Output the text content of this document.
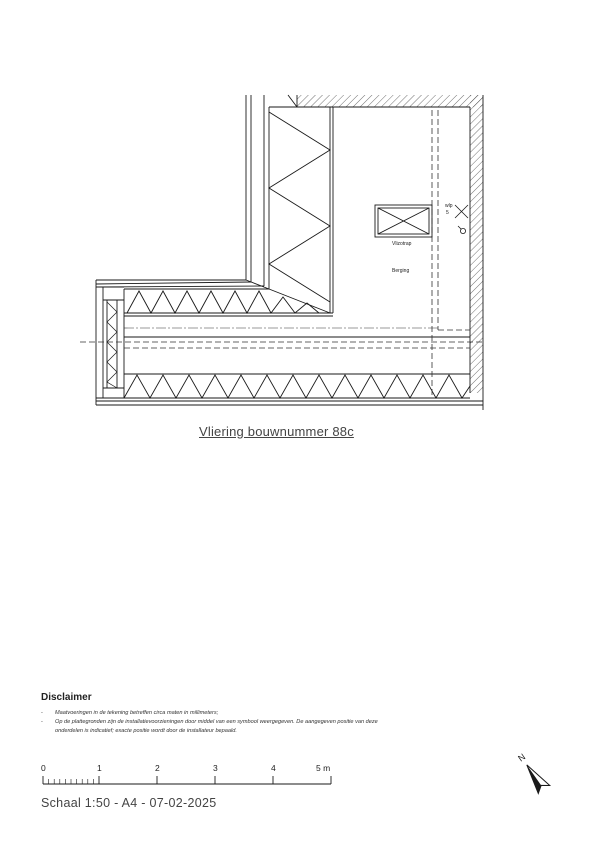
N
Vlizotrap
Berging
wlp
5
Vliering bouwnummer 88c
Disclaimer
- Maatvoeringen in de tekening betreffen circa maten in millimeters;
- Op de plattegronden zijn de installatievoorzieningen door middel van een symbool weergegeven. De aangegeven positie van deze onderdelen is indicatief; exacte positie wordt door de installateur bepaald.
0	1	2	3	4	5 m
Schaal 1:50 - A4 - 07-02-2025
